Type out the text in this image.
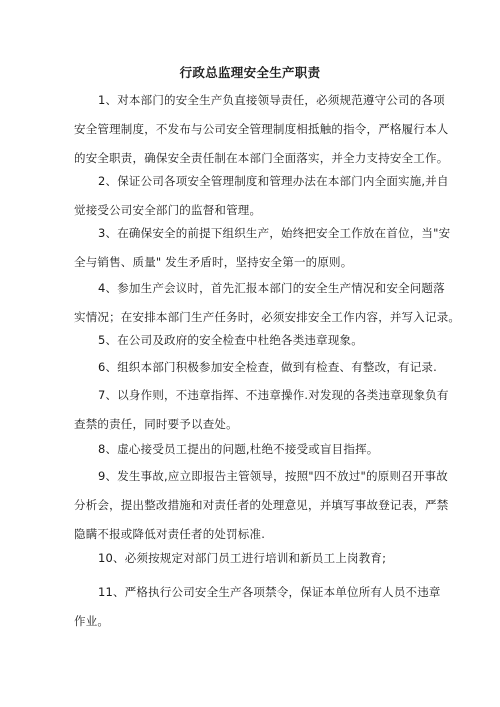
行政总监理安全生产职责
1、对本部门的安全生产负直接领导责任，必须规范遵守公司的各项
安全管理制度，不发布与公司安全管理制度相抵触的指令，严格履行本人
的安全职责，确保安全责任制在本部门全面落实，并全力支持安全工作。
2、保证公司各项安全管理制度和管理办法在本部门内全面实施,并自
觉接受公司安全部门的监督和管理。
3、在确保安全的前提下组织生产，始终把安全工作放在首位，当"安
全与销售、质量" 发生矛盾时，坚持安全第一的原则。
4、参加生产会议时，首先汇报本部门的安全生产情况和安全问题落
实情况；在安排本部门生产任务时，必须安排安全工作内容，并写入记录。
5、在公司及政府的安全检查中杜绝各类违章现象。
6、组织本部门积极参加安全检查，做到有检查、有整改，有记录.
7、以身作则，不违章指挥、不违章操作.对发现的各类违章现象负有
查禁的责任，同时要予以查处。
8、虚心接受员工提出的问题,杜绝不接受或盲目指挥。
9、发生事故,应立即报告主管领导，按照"四不放过"的原则召开事故
分析会，提出整改措施和对责任者的处理意见，并填写事故登记表，严禁
隐瞒不报或降低对责任者的处罚标准.
10、必须按规定对部门员工进行培训和新员工上岗教育;
11、严格执行公司安全生产各项禁令，保证本单位所有人员不违章
作业。
